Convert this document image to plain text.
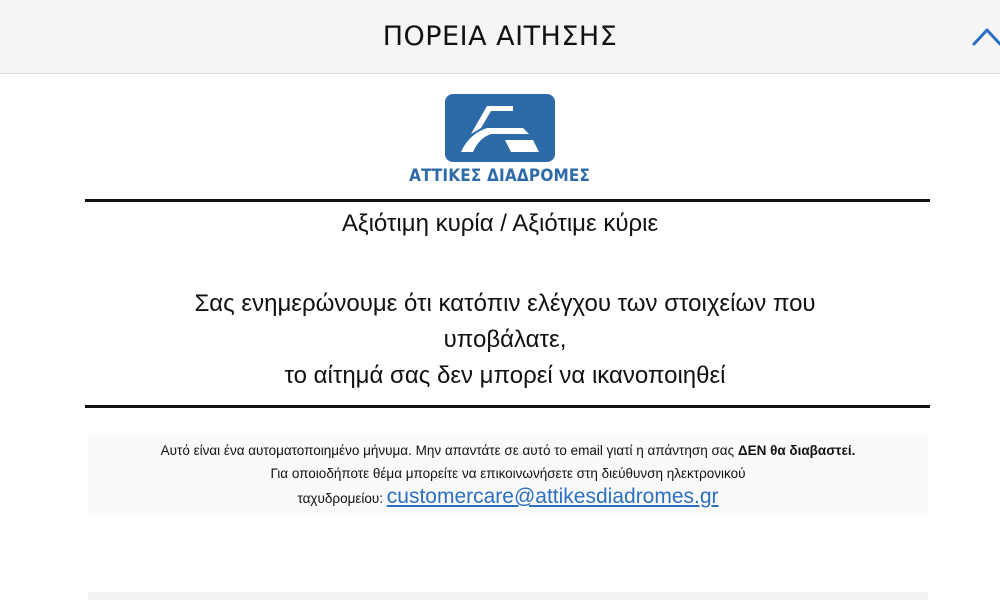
ΠΟΡΕΙΑ ΑΙΤΗΣΗΣ
ΑΤΤΙΚΕΣ ΔΙΑΔΡΟΜΕΣ
Αξιότιμη κυρία / Αξιότιμε κύριε
Σας ενημερώνουμε ότι κατόπιν ελέγχου των στοιχείων που υποβάλατε,
το αίτημά σας δεν μπορεί να ικανοποιηθεί
Αυτό είναι ένα αυτοματοποιημένο μήνυμα. Μην απαντάτε σε αυτό το email γιατί η απάντηση σας ΔΕΝ θα διαβαστεί.
Για οποιοδήποτε θέμα μπορείτε να επικοινωνήσετε στη διεύθυνση ηλεκτρονικού
ταχυδρομείου: customercare@attikesdiadromes.gr
